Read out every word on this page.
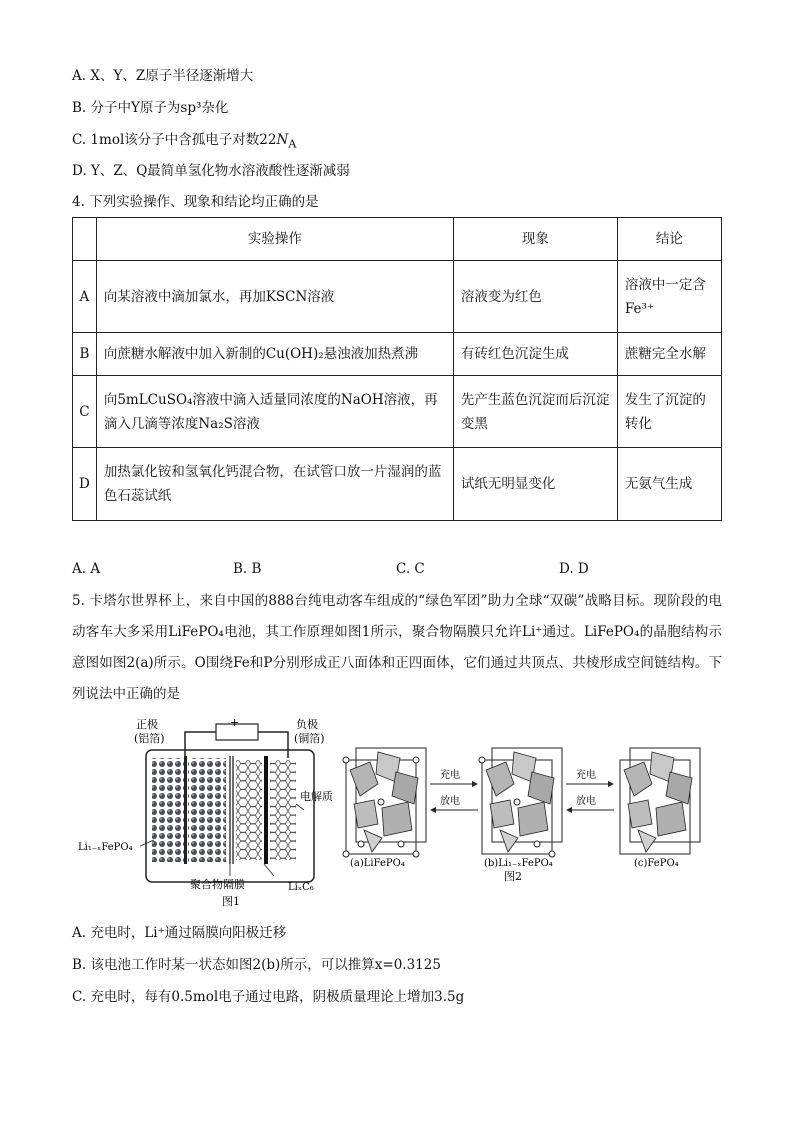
A. X、Y、Z原子半径逐渐增大
B. 分子中Y原子为sp³杂化
C. 1mol该分子中含孤电子对数$22N_A$
D. Y、Z、Q最简单氢化物水溶液酸性逐渐减弱
4. 下列实验操作、现象和结论均正确的是
	实验操作	现象	结论
A	向某溶液中滴加氯水，再加KSCN溶液	溶液变为红色	溶液中一定含Fe³⁺
B	向蔗糖水解液中加入新制的Cu(OH)₂悬浊液加热煮沸	有砖红色沉淀生成	蔗糖完全水解
C	向5mLCuSO₄溶液中滴入适量同浓度的NaOH溶液，再滴入几滴等浓度Na₂S溶液	先产生蓝色沉淀而后沉淀变黑	发生了沉淀的转化
D	加热氯化铵和氢氧化钙混合物，在试管口放一片湿润的蓝色石蕊试纸	试纸无明显变化	无氨气生成
A. A	B. B	C. C	D. D
5. 卡塔尔世界杯上，来自中国的888台纯电动客车组成的“绿色军团”助力全球“双碳”战略目标。现阶段的电动客车大多采用LiFePO₄电池，其工作原理如图1所示，聚合物隔膜只允许Li⁺通过。LiFePO₄的晶胞结构示意图如图2(a)所示。O围绕Fe和P分别形成正八面体和正四面体，它们通过共顶点、共棱形成空间链结构。下列说法中正确的是
+
正极
(铝箔)
负极
(铜箔)
电解质
Li₁₋ₓFePO₄
聚合物隔膜	LiₓC₆
图1
(a)LiFePO₄
充电
放电
(b)Li₁₋ₓFePO₄
图2
充电
放电
(c)FePO₄
A. 充电时，Li⁺通过隔膜向阳极迁移
B. 该电池工作时某一状态如图2(b)所示，可以推算x=0.3125
C. 充电时，每有0.5mol电子通过电路，阴极质量理论上增加3.5g
